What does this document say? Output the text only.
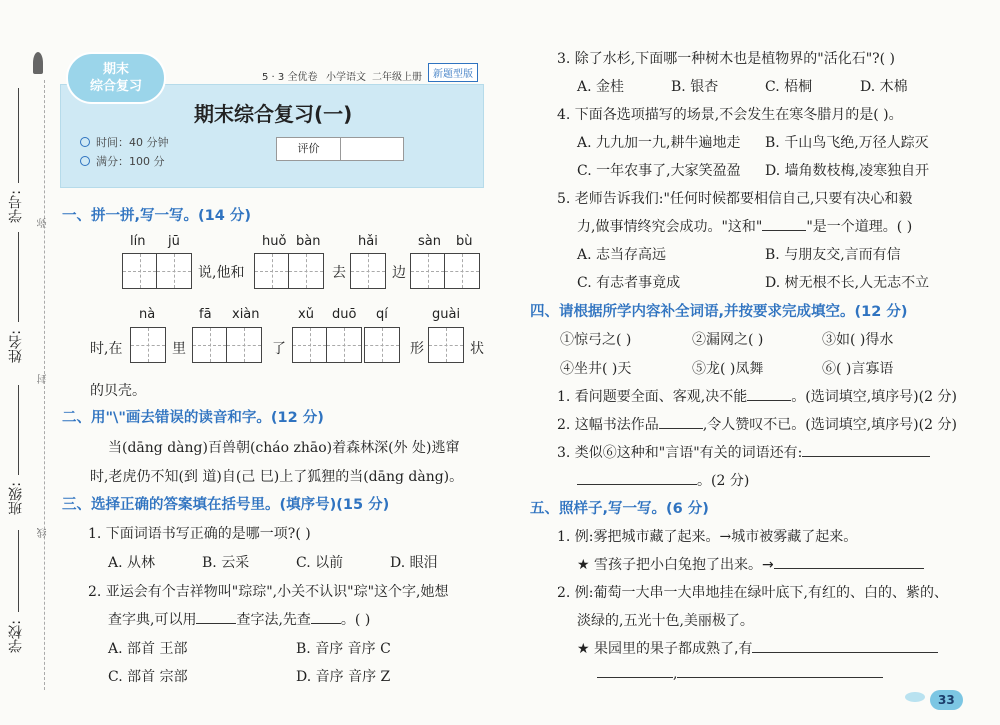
学号:
姓名:
班级:
学校:
弥
封
线
期末
综合复习
5 · 3 全优卷 小学语文 二年级上册	新题型版
期末综合复习(一)
时间：40 分钟
满分：100 分
评价
一、拼一拼,写一写。(14 分)
lín jū	huǒ bàn	hǎi	sàn bù
说,他和	去	边
nà	fā xiàn	xǔ duō qí	guài
时,在	里	了	形	状
的贝壳。
二、用"\"画去错误的读音和字。(12 分)
当(dāng dàng)百兽朝(cháo zhāo)着森林深(外 处)逃窜
时,老虎仍不知(到 道)自(己 巳)上了狐狸的当(dāng dàng)。
三、选择正确的答案填在括号里。(填序号)(15 分)
1. 下面词语书写正确的是哪一项?( )
A. 从林	B. 云采	C. 以前	D. 眼泪
2. 亚运会有个吉祥物叫"琮琮",小关不认识"琮"这个字,她想
查字典,可以用	查字法,先查 。( )
A. 部首 王部	B. 音序 音序 C
C. 部首 宗部	D. 音序 音序 Z
3. 除了水杉,下面哪一种树木也是植物界的"活化石"?( )
A. 金桂	B. 银杏	C. 梧桐	D. 木棉
4. 下面各选项描写的场景,不会发生在寒冬腊月的是( )。
A. 九九加一九,耕牛遍地走 B. 千山鸟飞绝,万径人踪灭
C. 一年农事了,大家笑盈盈 D. 墙角数枝梅,凌寒独自开
5. 老师告诉我们:"任何时候都要相信自己,只要有决心和毅
力,做事情终究会成功。"这和"	"是一个道理。( )
A. 志当存高远	B. 与朋友交,言而有信
C. 有志者事竟成	D. 树无根不长,人无志不立
四、请根据所学内容补全词语,并按要求完成填空。(12 分)
①惊弓之( )	②漏网之( )	③如( )得水
④坐井( )天	⑤龙( )凤舞	⑥( )言寡语
1. 看问题要全面、客观,决不能	。(选词填空,填序号)(2 分)
2. 这幅书法作品	,令人赞叹不已。(选词填空,填序号)(2 分)
3. 类似⑥这种和"言语"有关的词语还有:
。(2 分)
五、照样子,写一写。(6 分)
1. 例:雾把城市藏了起来。→城市被雾藏了起来。
★ 雪孩子把小白兔抱了出来。→
2. 例:葡萄一大串一大串地挂在绿叶底下,有红的、白的、紫的、
淡绿的,五光十色,美丽极了。
★ 果园里的果子都成熟了,有
,
33
